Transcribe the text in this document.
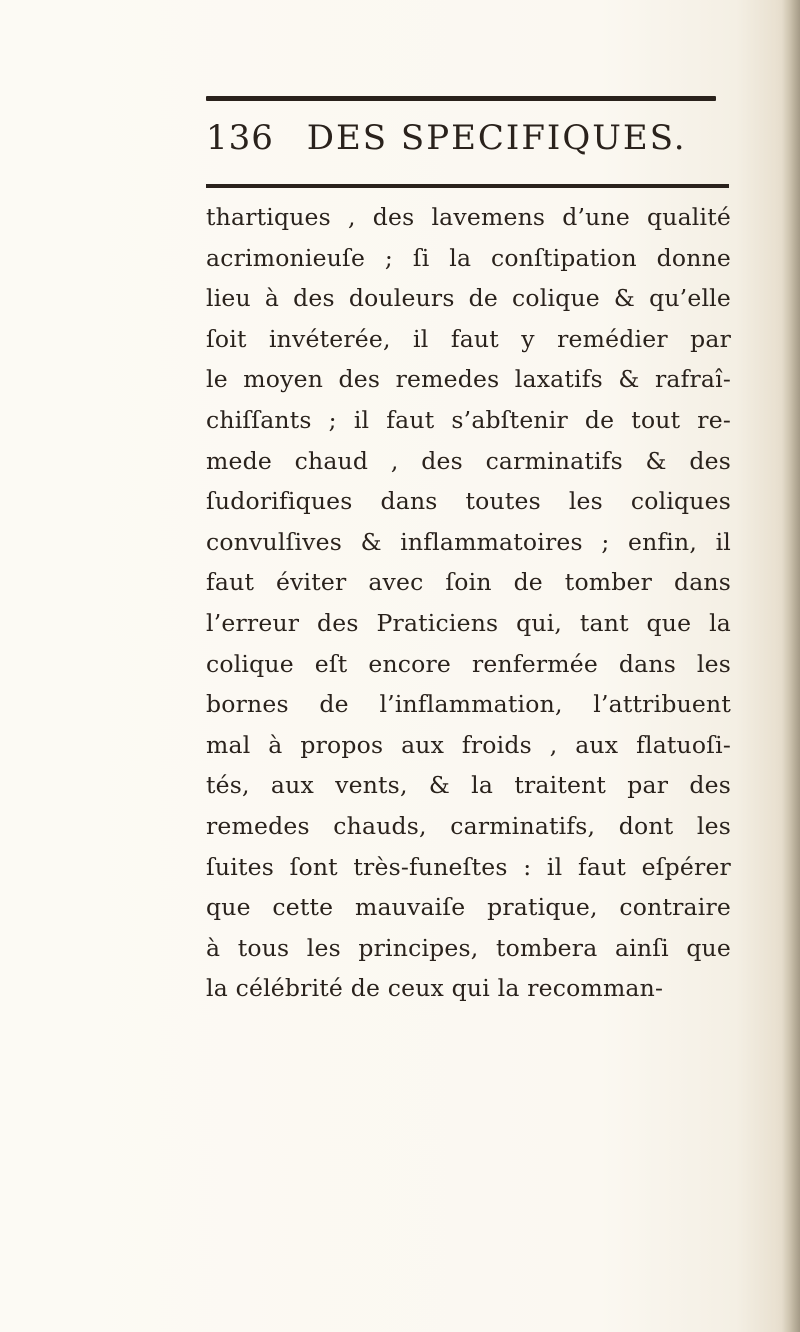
136 DES SPECIFIQUES.
thartiques , des lavemens d’une qualité
acrimonieuſe ; ſi la conſtipation donne
lieu à des douleurs de colique & qu’elle
ſoit invéterée, il faut y remédier par
le moyen des remedes laxatifs & rafraî-
chiſſants ; il faut s’abſtenir de tout re-
mede chaud , des carminatifs & des
ſudorifiques dans toutes les coliques
convulſives & inflammatoires ; enfin, il
faut éviter avec ſoin de tomber dans
l’erreur des Praticiens qui, tant que la
colique eſt encore renfermée dans les
bornes de l’inflammation, l’attribuent
mal à propos aux froids , aux flatuoſi-
tés, aux vents, & la traitent par des
remedes chauds, carminatifs, dont les
ſuites ſont très-funeſtes : il faut eſpérer
que cette mauvaiſe pratique, contraire
à tous les principes, tombera ainſi que
la célébrité de ceux qui la recomman-
